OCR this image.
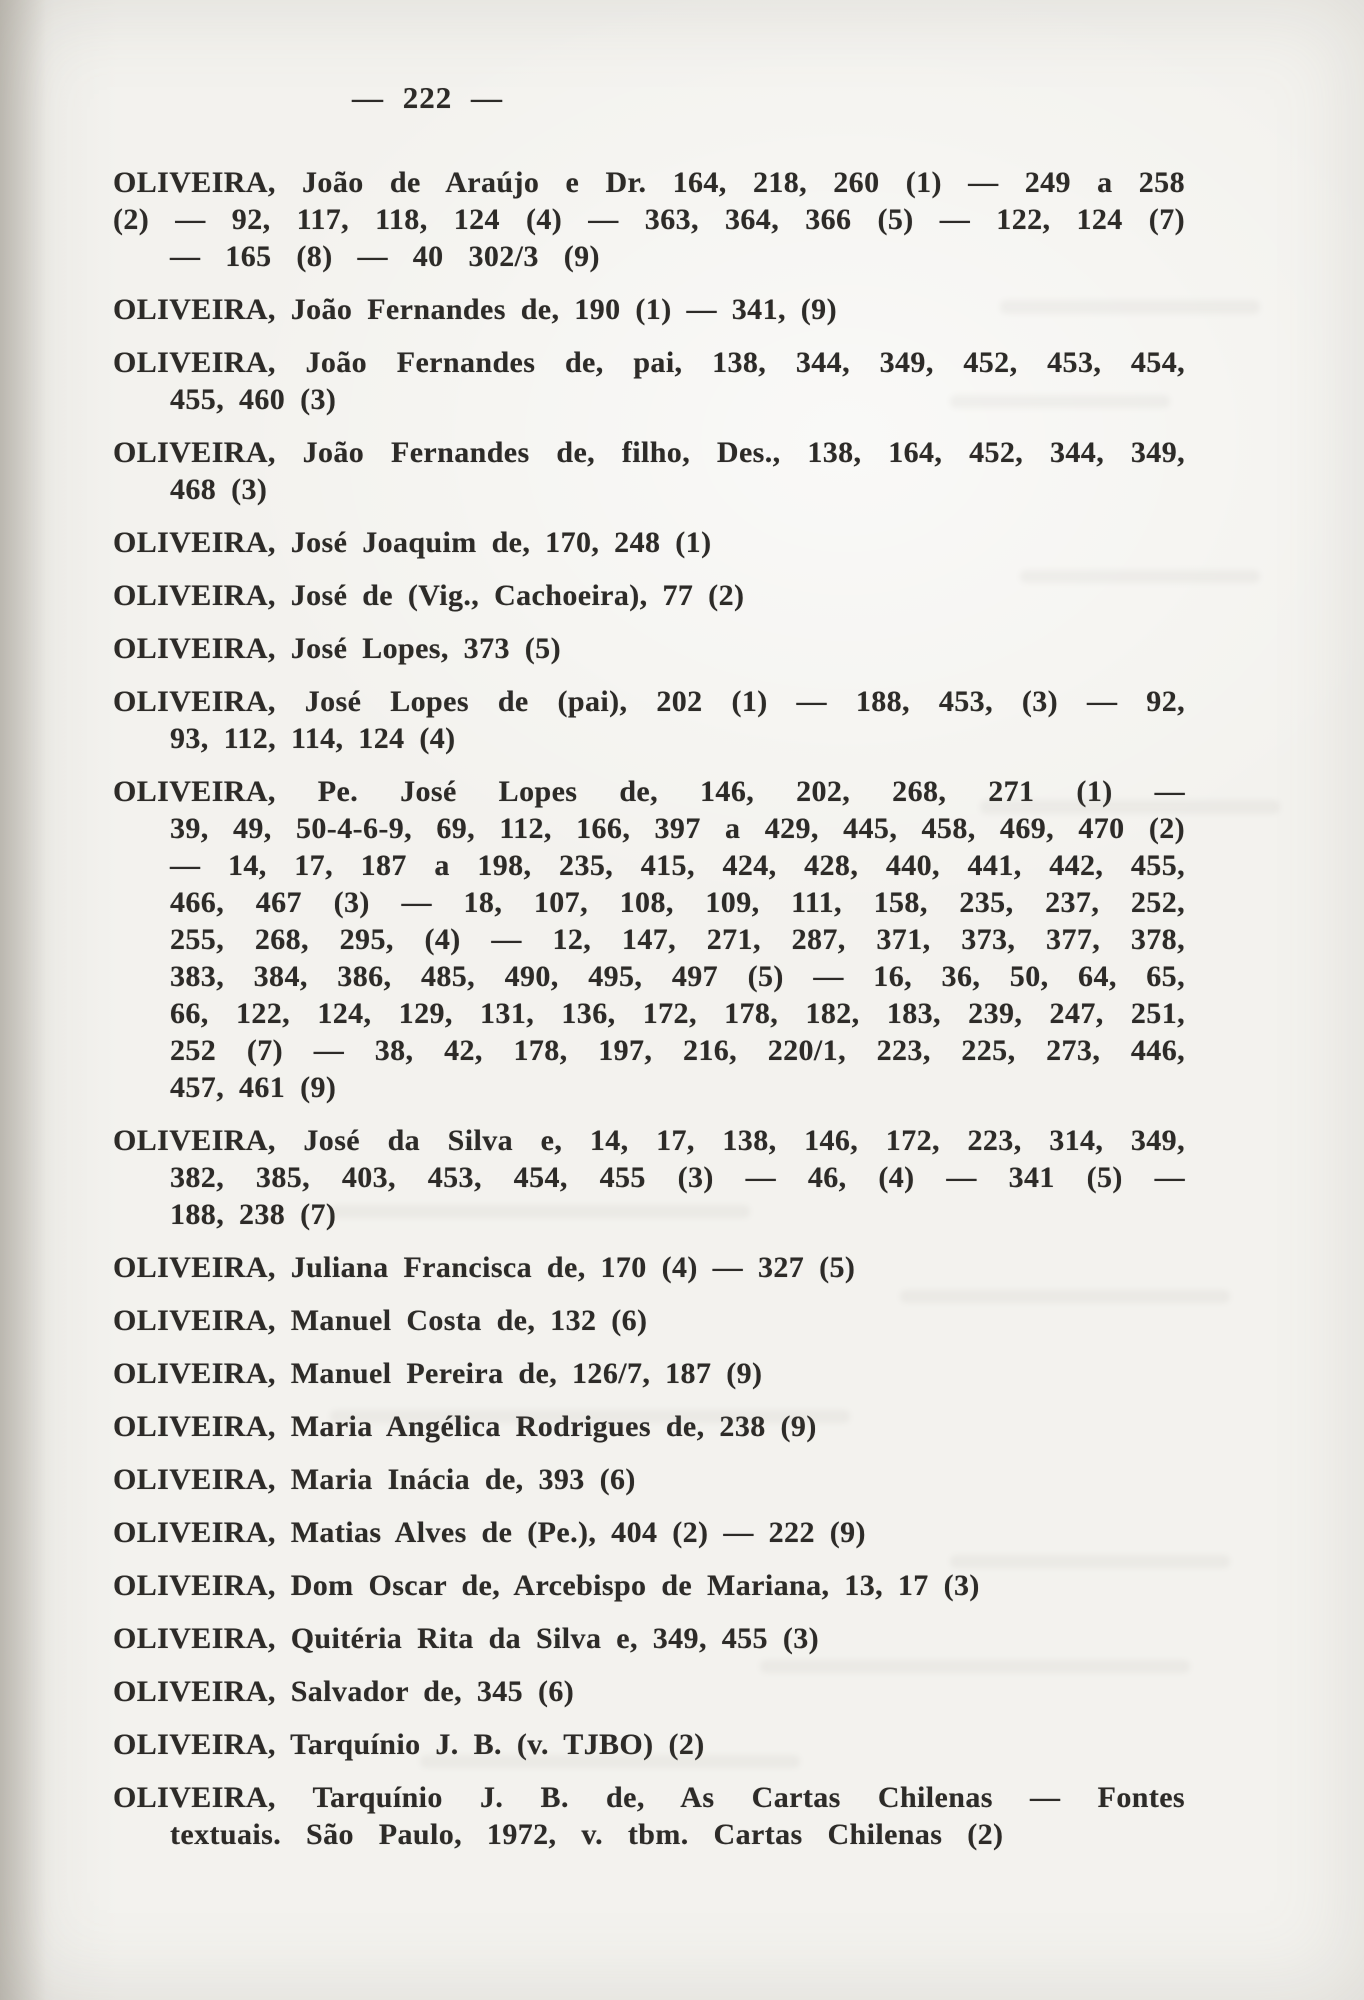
— 222 —
OLIVEIRA, João de Araújo e Dr. 164, 218, 260 (1) — 249 a 258
(2) — 92, 117, 118, 124 (4) — 363, 364, 366 (5) — 122, 124 (7)
— 165 (8) — 40 302/3 (9)
OLIVEIRA, João Fernandes de, 190 (1) — 341, (9)
OLIVEIRA, João Fernandes de, pai, 138, 344, 349, 452, 453, 454,
455, 460 (3)
OLIVEIRA, João Fernandes de, filho, Des., 138, 164, 452, 344, 349,
468 (3)
OLIVEIRA, José Joaquim de, 170, 248 (1)
OLIVEIRA, José de (Vig., Cachoeira), 77 (2)
OLIVEIRA, José Lopes, 373 (5)
OLIVEIRA, José Lopes de (pai), 202 (1) — 188, 453, (3) — 92,
93, 112, 114, 124 (4)
OLIVEIRA, Pe. José Lopes de, 146, 202, 268, 271 (1) —
39, 49, 50-4-6-9, 69, 112, 166, 397 a 429, 445, 458, 469, 470 (2)
— 14, 17, 187 a 198, 235, 415, 424, 428, 440, 441, 442, 455,
466, 467 (3) — 18, 107, 108, 109, 111, 158, 235, 237, 252,
255, 268, 295, (4) — 12, 147, 271, 287, 371, 373, 377, 378,
383, 384, 386, 485, 490, 495, 497 (5) — 16, 36, 50, 64, 65,
66, 122, 124, 129, 131, 136, 172, 178, 182, 183, 239, 247, 251,
252 (7) — 38, 42, 178, 197, 216, 220/1, 223, 225, 273, 446,
457, 461 (9)
OLIVEIRA, José da Silva e, 14, 17, 138, 146, 172, 223, 314, 349,
382, 385, 403, 453, 454, 455 (3) — 46, (4) — 341 (5) —
188, 238 (7)
OLIVEIRA, Juliana Francisca de, 170 (4) — 327 (5)
OLIVEIRA, Manuel Costa de, 132 (6)
OLIVEIRA, Manuel Pereira de, 126/7, 187 (9)
OLIVEIRA, Maria Angélica Rodrigues de, 238 (9)
OLIVEIRA, Maria Inácia de, 393 (6)
OLIVEIRA, Matias Alves de (Pe.), 404 (2) — 222 (9)
OLIVEIRA, Dom Oscar de, Arcebispo de Mariana, 13, 17 (3)
OLIVEIRA, Quitéria Rita da Silva e, 349, 455 (3)
OLIVEIRA, Salvador de, 345 (6)
OLIVEIRA, Tarquínio J. B. (v. TJBO) (2)
OLIVEIRA, Tarquínio J. B. de, As Cartas Chilenas — Fontes
textuais. São Paulo, 1972, v. tbm. Cartas Chilenas (2)
